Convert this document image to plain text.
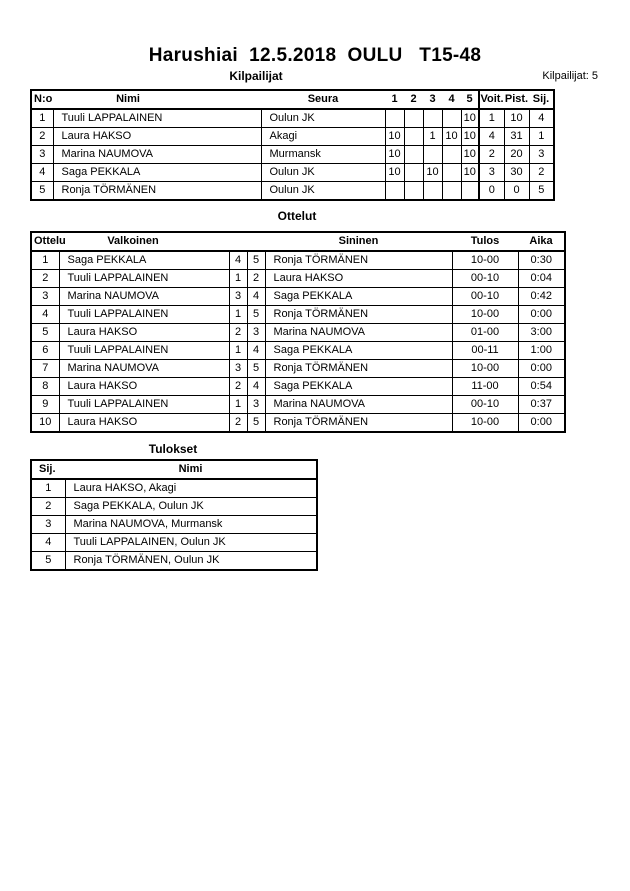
Harushiai  12.5.2018  OULU   T15-48
Kilpailijat	Kilpailijat: 5
N:o	Nimi	Seura	1	2	3	4	5	Voit.	Pist.	Sij.
1	Tuuli LAPPALAINEN	Oulun JK					10	1	10	4
2	Laura HAKSO	Akagi	10		1	10	10	4	31	1
3	Marina NAUMOVA	Murmansk	10				10	2	20	3
4	Saga PEKKALA	Oulun JK	10		10		10	3	30	2
5	Ronja TÖRMÄNEN	Oulun JK						0	0	5
Ottelut
Ottelu	Valkoinen			Sininen	Tulos	Aika
1	Saga PEKKALA	4	5	Ronja TÖRMÄNEN	10-00	0:30
2	Tuuli LAPPALAINEN	1	2	Laura HAKSO	00-10	0:04
3	Marina NAUMOVA	3	4	Saga PEKKALA	00-10	0:42
4	Tuuli LAPPALAINEN	1	5	Ronja TÖRMÄNEN	10-00	0:00
5	Laura HAKSO	2	3	Marina NAUMOVA	01-00	3:00
6	Tuuli LAPPALAINEN	1	4	Saga PEKKALA	00-11	1:00
7	Marina NAUMOVA	3	5	Ronja TÖRMÄNEN	10-00	0:00
8	Laura HAKSO	2	4	Saga PEKKALA	11-00	0:54
9	Tuuli LAPPALAINEN	1	3	Marina NAUMOVA	00-10	0:37
10	Laura HAKSO	2	5	Ronja TÖRMÄNEN	10-00	0:00
Tulokset
Sij.	Nimi
1	Laura HAKSO, Akagi
2	Saga PEKKALA, Oulun JK
3	Marina NAUMOVA, Murmansk
4	Tuuli LAPPALAINEN, Oulun JK
5	Ronja TÖRMÄNEN, Oulun JK
